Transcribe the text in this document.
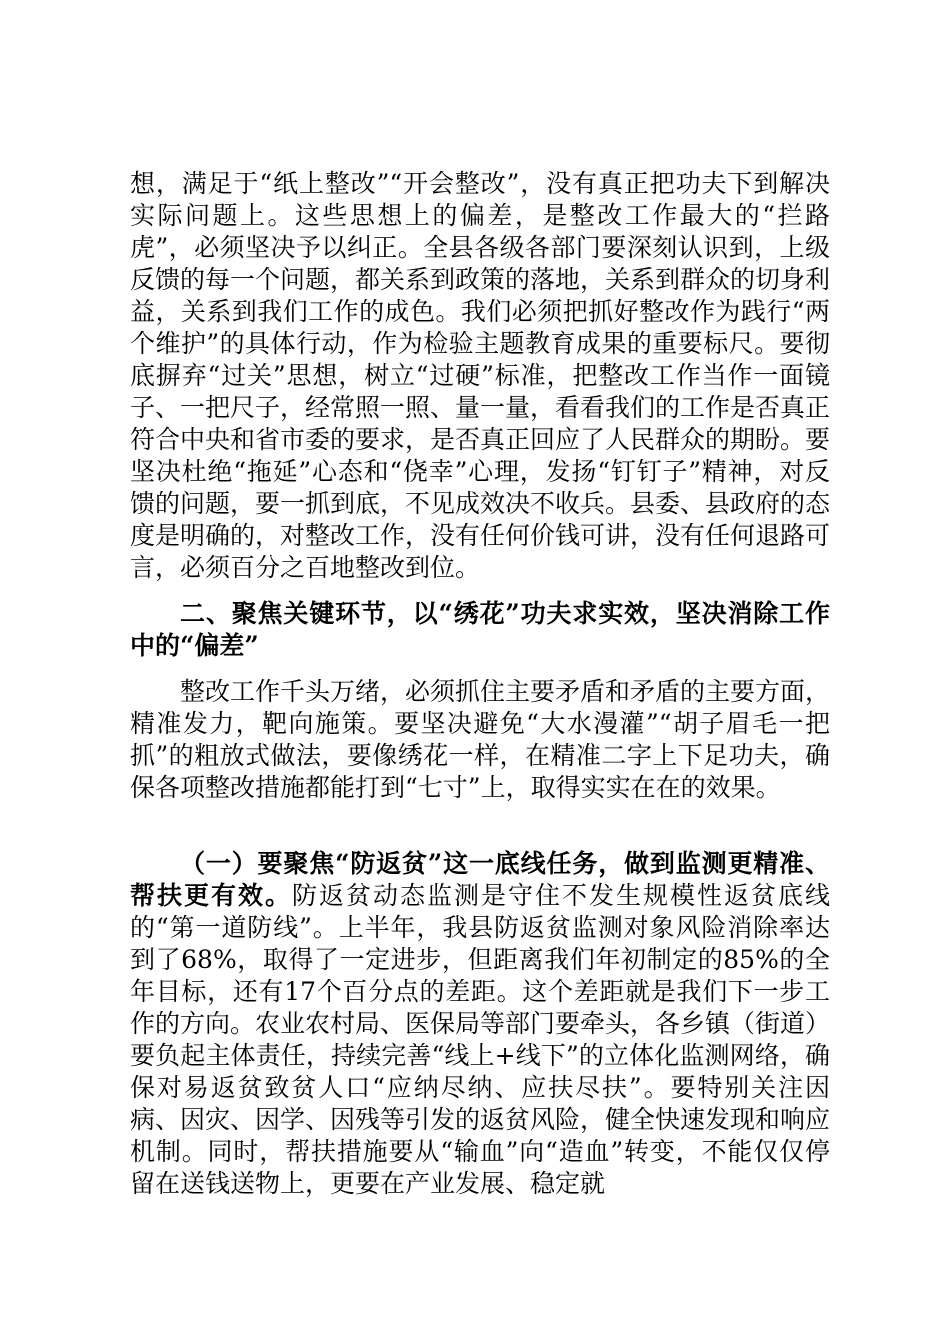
想，满足于“纸上整改”“开会整改”，没有真正把功夫下到解决实际问题上。这些思想上的偏差，是整改工作最大的“拦路虎”，必须坚决予以纠正。全县各级各部门要深刻认识到，上级反馈的每一个问题，都关系到政策的落地，关系到群众的切身利益，关系到我们工作的成色。我们必须把抓好整改作为践行“两个维护”的具体行动，作为检验主题教育成果的重要标尺。要彻底摒弃“过关”思想，树立“过硬”标准，把整改工作当作一面镜子、一把尺子，经常照一照、量一量，看看我们的工作是否真正符合中央和省市委的要求，是否真正回应了人民群众的期盼。要坚决杜绝“拖延”心态和“侥幸”心理，发扬“钉钉子”精神，对反馈的问题，要一抓到底，不见成效决不收兵。县委、县政府的态度是明确的，对整改工作，没有任何价钱可讲，没有任何退路可言，必须百分之百地整改到位。
二、聚焦关键环节，以“绣花”功夫求实效，坚决消除工作中的“偏差”
整改工作千头万绪，必须抓住主要矛盾和矛盾的主要方面，精准发力，靶向施策。要坚决避免“大水漫灌”“胡子眉毛一把抓”的粗放式做法，要像绣花一样，在精准二字上下足功夫，确保各项整改措施都能打到“七寸”上，取得实实在在的效果。
（一）要聚焦“防返贫”这一底线任务，做到监测更精准、帮扶更有效。防返贫动态监测是守住不发生规模性返贫底线的“第一道防线”。上半年，我县防返贫监测对象风险消除率达到了68%，取得了一定进步，但距离我们年初制定的85%的全年目标，还有17个百分点的差距。这个差距就是我们下一步工作的方向。农业农村局、医保局等部门要牵头，各乡镇（街道）要负起主体责任，持续完善“线上+线下”的立体化监测网络，确保对易返贫致贫人口“应纳尽纳、应扶尽扶”。要特别关注因病、因灾、因学、因残等引发的返贫风险，健全快速发现和响应机制。同时，帮扶措施要从“输血”向“造血”转变，不能仅仅停留在送钱送物上，更要在产业发展、稳定就
